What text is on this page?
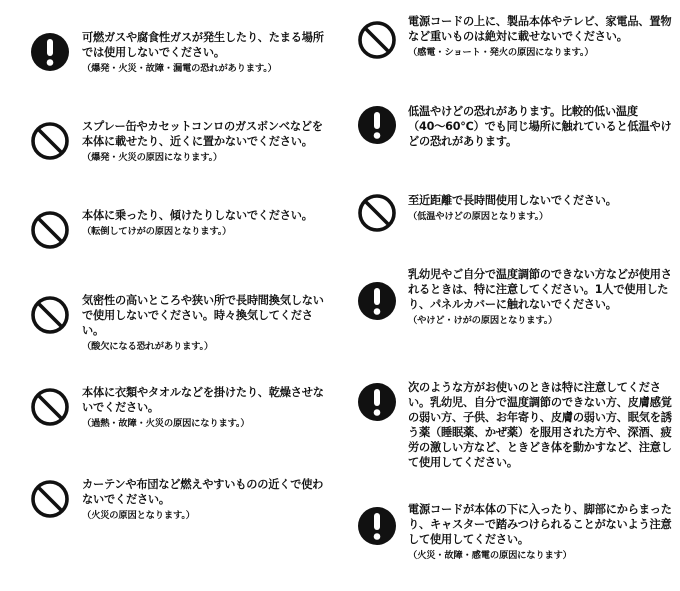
可燃ガスや腐食性ガスが発生したり、たまる場所では使用しないでください。
（爆発・火災・故障・漏電の恐れがあります。）
スプレー缶やカセットコンロのガスボンベなどを本体に載せたり、近くに置かないでください。
（爆発・火災の原因になります。）
本体に乗ったり、傾けたりしないでください。
（転倒してけがの原因となります。）
気密性の高いところや狭い所で長時間換気しないで使用しないでください。時々換気してください。
（酸欠になる恐れがあります。）
本体に衣類やタオルなどを掛けたり、乾燥させないでください。
（過熱・故障・火災の原因になります。）
カーテンや布団など燃えやすいものの近くで使わないでください。
（火災の原因となります。）
電源コードの上に、製品本体やテレビ、家電品、置物など重いものは絶対に載せないでください。
（感電・ショート・発火の原因になります。）
低温やけどの恐れがあります。比較的低い温度（40〜60℃）でも同じ場所に触れていると低温やけどの恐れがあります。
至近距離で長時間使用しないでください。
（低温やけどの原因となります。）
乳幼児やご自分で温度調節のできない方などが使用されるときは、特に注意してください。1人で使用したり、パネルカバーに触れないでください。
（やけど・けがの原因となります。）
次のような方がお使いのときは特に注意してください。乳幼児、自分で温度調節のできない方、皮膚感覚の弱い方、子供、お年寄り、皮膚の弱い方、眠気を誘う薬（睡眠薬、かぜ薬）を服用された方や、深酒、疲労の激しい方など、ときどき体を動かすなど、注意して使用してください。
電源コードが本体の下に入ったり、脚部にからまったり、キャスターで踏みつけられることがないよう注意して使用してください。
（火災・故障・感電の原因になります）
